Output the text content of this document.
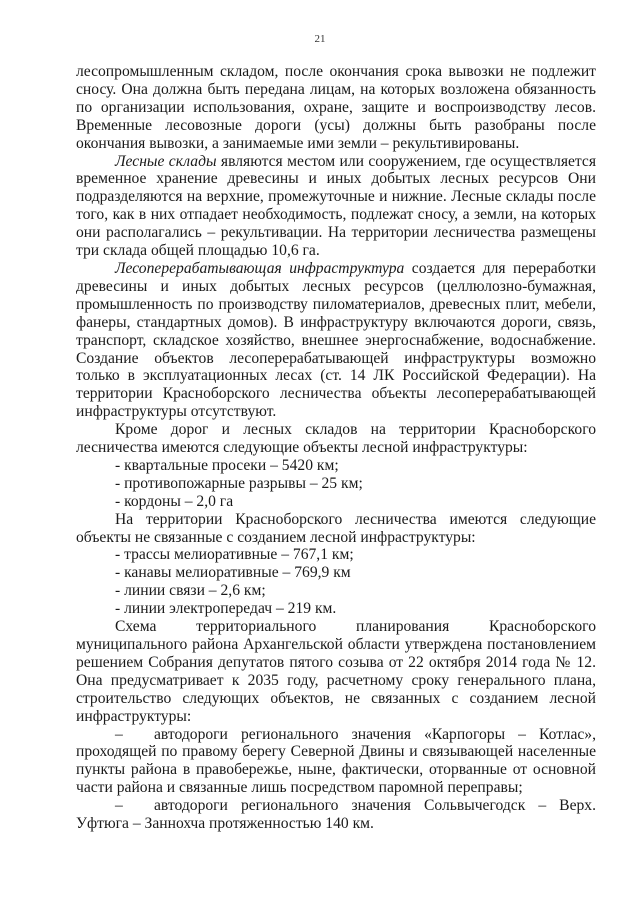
21

лесопромышленным складом, после окончания срока вывозки не подлежит сносу. Она должна быть передана лицам, на которых возложена обязанность по организации использования, охране, защите и воспроизводству лесов. Временные лесовозные дороги (усы) должны быть разобраны после окончания вывозки, а занимаемые ими земли – рекультивированы.

Лесные склады являются местом или сооружением, где осуществляется временное хранение древесины и иных добытых лесных ресурсов Они подразделяются на верхние, промежуточные и нижние. Лесные склады после того, как в них отпадает необходимость, подлежат сносу, а земли, на которых они располагались – рекультивации. На территории лесничества размещены три склада общей площадью 10,6 га.

Лесоперерабатывающая инфраструктура создается для переработки древесины и иных добытых лесных ресурсов (целлюлозно-бумажная, промышленность по производству пиломатериалов, древесных плит, мебели, фанеры, стандартных домов). В инфраструктуру включаются дороги, связь, транспорт, складское хозяйство, внешнее энергоснабжение, водоснабжение. Создание объектов лесоперерабатывающей инфраструктуры возможно только в эксплуатационных лесах (ст. 14 ЛК Российской Федерации). На территории Красноборского лесничества объекты лесоперерабатывающей инфраструктуры отсутствуют.

Кроме дорог и лесных складов на территории Красноборского лесничества имеются следующие объекты лесной инфраструктуры:

- квартальные просеки – 5420 км;

- противопожарные разрывы – 25 км;

- кордоны – 2,0 га

На территории Красноборского лесничества имеются следующие объекты не связанные с созданием лесной инфраструктуры:

- трассы мелиоративные – 767,1 км;

- канавы мелиоративные – 769,9 км

- линии связи – 2,6 км;

- линии электропередач – 219 км.

Схема территориального планирования Красноборского муниципального района Архангельской области утверждена постановлением решением Собрания депутатов пятого созыва от 22 октября 2014 года № 12. Она предусматривает к 2035 году, расчетному сроку генерального плана, строительство следующих объектов, не связанных с созданием лесной инфраструктуры:

–  автодороги регионального значения «Карпогоры – Котлас», проходящей по правому берегу Северной Двины и связывающей населенные пункты района в правобережье, ныне, фактически, оторванные от основной части района и связанные лишь посредством паромной переправы;

–  автодороги регионального значения Сольвычегодск – Верх. Уфтюга – Заннохча протяженностью 140 км.
